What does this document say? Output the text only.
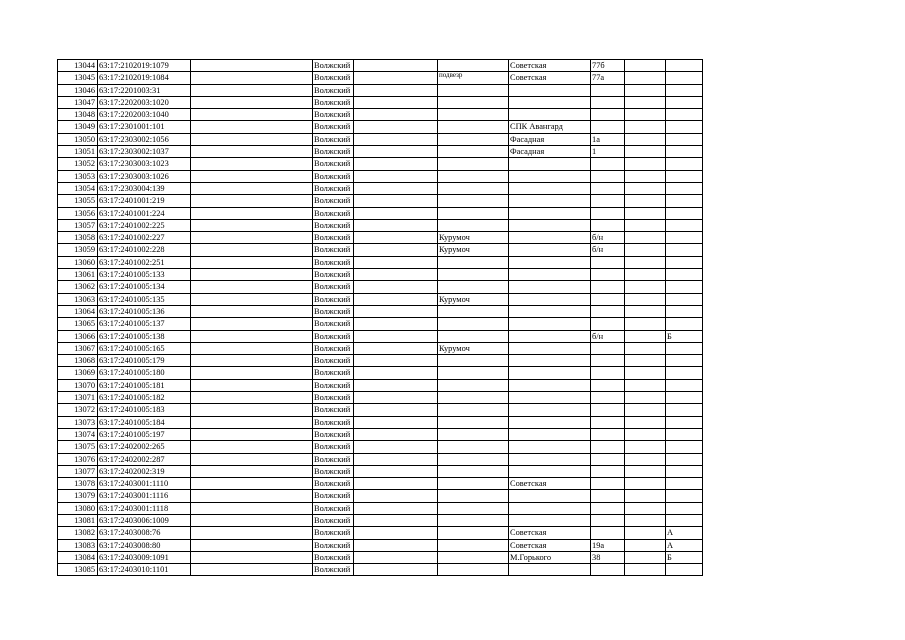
13044	63:17:2102019:1079		Волжский			Советская	77б		
13045	63:17:2102019:1084		Волжский		подвезр	Советская	77а		
13046	63:17:2201003:31		Волжский						
13047	63:17:2202003:1020		Волжский						
13048	63:17:2202003:1040		Волжский						
13049	63:17:2301001:101		Волжский			СПК Авангард			
13050	63:17:2303002:1056		Волжский			Фасадная	1а		
13051	63:17:2303002:1037		Волжский			Фасадная	1		
13052	63:17:2303003:1023		Волжский						
13053	63:17:2303003:1026		Волжский						
13054	63:17:2303004:139		Волжский						
13055	63:17:2401001:219		Волжский						
13056	63:17:2401001:224		Волжский						
13057	63:17:2401002:225		Волжский						
13058	63:17:2401002:227		Волжский		Курумоч		б/н		
13059	63:17:2401002:228		Волжский		Курумоч		б/н		
13060	63:17:2401002:251		Волжский						
13061	63:17:2401005:133		Волжский						
13062	63:17:2401005:134		Волжский						
13063	63:17:2401005:135		Волжский		Курумоч				
13064	63:17:2401005:136		Волжский						
13065	63:17:2401005:137		Волжский						
13066	63:17:2401005:138		Волжский				б/н		Б
13067	63:17:2401005:165		Волжский		Курумоч				
13068	63:17:2401005:179		Волжский						
13069	63:17:2401005:180		Волжский						
13070	63:17:2401005:181		Волжский						
13071	63:17:2401005:182		Волжский						
13072	63:17:2401005:183		Волжский						
13073	63:17:2401005:184		Волжский						
13074	63:17:2401005:197		Волжский						
13075	63:17:2402002:265		Волжский						
13076	63:17:2402002:287		Волжский						
13077	63:17:2402002:319		Волжский						
13078	63:17:2403001:1110		Волжский			Советская			
13079	63:17:2403001:1116		Волжский						
13080	63:17:2403001:1118		Волжский						
13081	63:17:2403006:1009		Волжский						
13082	63:17:2403008:76		Волжский			Советская			А
13083	63:17:2403008:80		Волжский			Советская	19а		А
13084	63:17:2403009:1091		Волжский			М.Горького	38		Б
13085	63:17:2403010:1101		Волжский						
